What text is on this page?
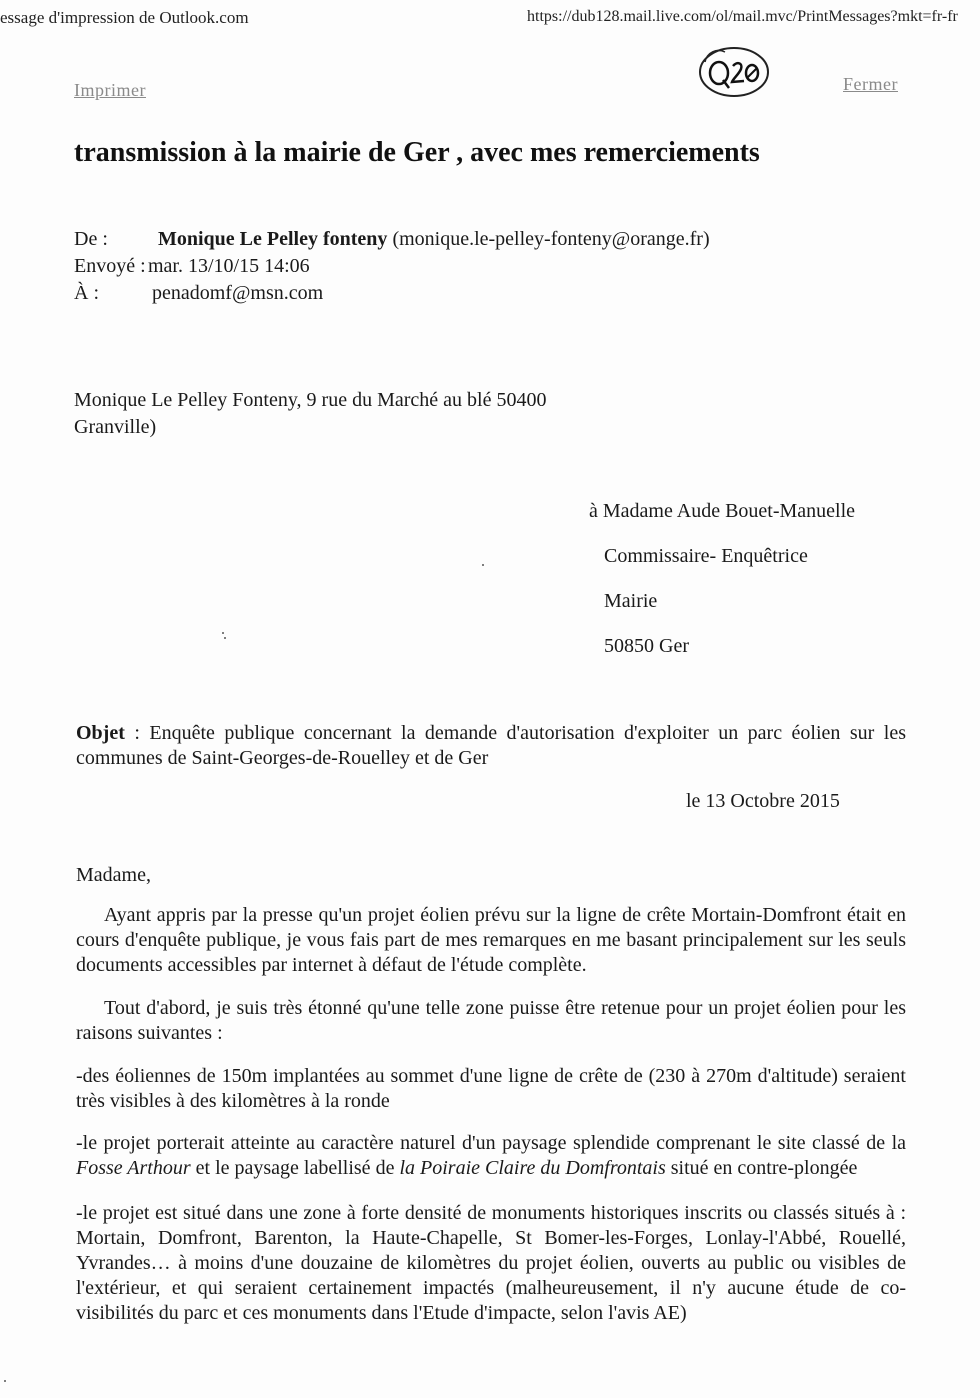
essage d'impression de Outlook.com	https://dub128.mail.live.com/ol/mail.mvc/PrintMessages?mkt=fr-fr
Imprimer	Fermer
transmission à la mairie de Ger , avec mes remerciements
De :	Monique Le Pelley fonteny (monique.le-pelley-fonteny@orange.fr)
Envoyé : mar. 13/10/15 14:06
À :	penadomf@msn.com
Monique Le Pelley Fonteny, 9 rue du Marché au blé 50400
Granville)
à Madame Aude Bouet-Manuelle
Commissaire- Enquêtrice
Mairie
50850 Ger
Objet : Enquête publique concernant la demande d'autorisation d'exploiter un parc éolien sur les communes de Saint-Georges-de-Rouelley et de Ger
le 13 Octobre 2015
Madame,
Ayant appris par la presse qu'un projet éolien prévu sur la ligne de crête Mortain-Domfront était en cours d'enquête publique, je vous fais part de mes remarques en me basant principalement sur les seuls documents accessibles par internet à défaut de l'étude complète.
Tout d'abord, je suis très étonné qu'une telle zone puisse être retenue pour un projet éolien pour les raisons suivantes :
-des éoliennes de 150m implantées au sommet d'une ligne de crête de (230 à 270m d'altitude) seraient très visibles à des kilomètres à la ronde
-le projet porterait atteinte au caractère naturel d'un paysage splendide comprenant le site classé de la Fosse Arthour et le paysage labellisé de la Poiraie Claire du Domfrontais situé en contre-plongée
-le projet est situé dans une zone à forte densité de monuments historiques inscrits ou classés situés à : Mortain, Domfront, Barenton, la Haute-Chapelle, St Bomer-les-Forges, Lonlay-l'Abbé, Rouellé, Yvrandes… à moins d'une douzaine de kilomètres du projet éolien, ouverts au public ou visibles de l'extérieur, et qui seraient certainement impactés (malheureusement, il n'y aucune étude de co-visibilités du parc et ces monuments dans l'Etude d'impacte, selon l'avis AE)
